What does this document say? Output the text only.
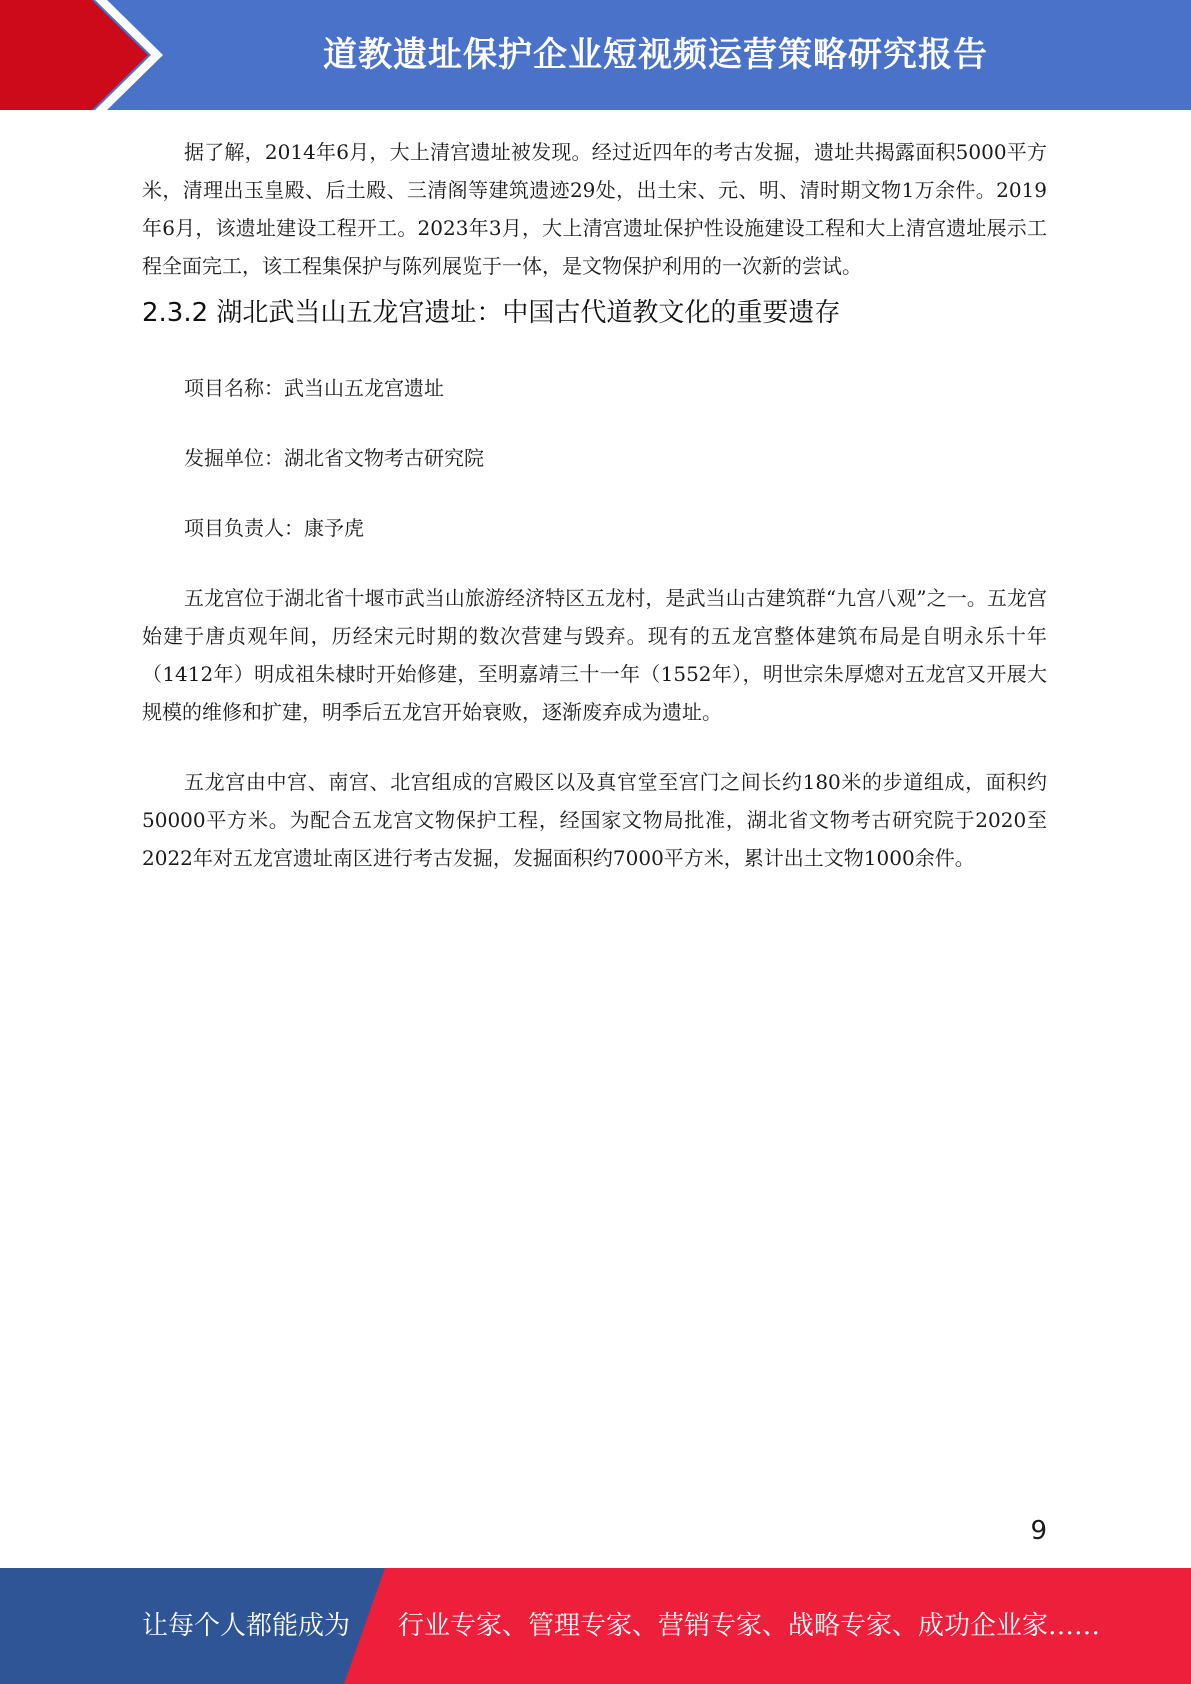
道教遗址保护企业短视频运营策略研究报告

据了解，2014年6月，大上清宫遗址被发现。经过近四年的考古发掘，遗址共揭露面积5000平方米，清理出玉皇殿、后土殿、三清阁等建筑遗迹29处，出土宋、元、明、清时期文物1万余件。2019年6月，该遗址建设工程开工。2023年3月，大上清宫遗址保护性设施建设工程和大上清宫遗址展示工程全面完工，该工程集保护与陈列展览于一体，是文物保护利用的一次新的尝试。

2.3.2 湖北武当山五龙宫遗址：中国古代道教文化的重要遗存

项目名称：武当山五龙宫遗址

发掘单位：湖北省文物考古研究院

项目负责人：康予虎

五龙宫位于湖北省十堰市武当山旅游经济特区五龙村，是武当山古建筑群“九宫八观”之一。五龙宫始建于唐贞观年间，历经宋元时期的数次营建与毁弃。现有的五龙宫整体建筑布局是自明永乐十年（1412年）明成祖朱棣时开始修建，至明嘉靖三十一年（1552年），明世宗朱厚熜对五龙宫又开展大规模的维修和扩建，明季后五龙宫开始衰败，逐渐废弃成为遗址。

五龙宫由中宫、南宫、北宫组成的宫殿区以及真官堂至宫门之间长约180米的步道组成，面积约50000平方米。为配合五龙宫文物保护工程，经国家文物局批准，湖北省文物考古研究院于2020至2022年对五龙宫遗址南区进行考古发掘，发掘面积约7000平方米，累计出土文物1000余件。

9
让每个人都能成为 行业专家、管理专家、营销专家、战略专家、成功企业家……
